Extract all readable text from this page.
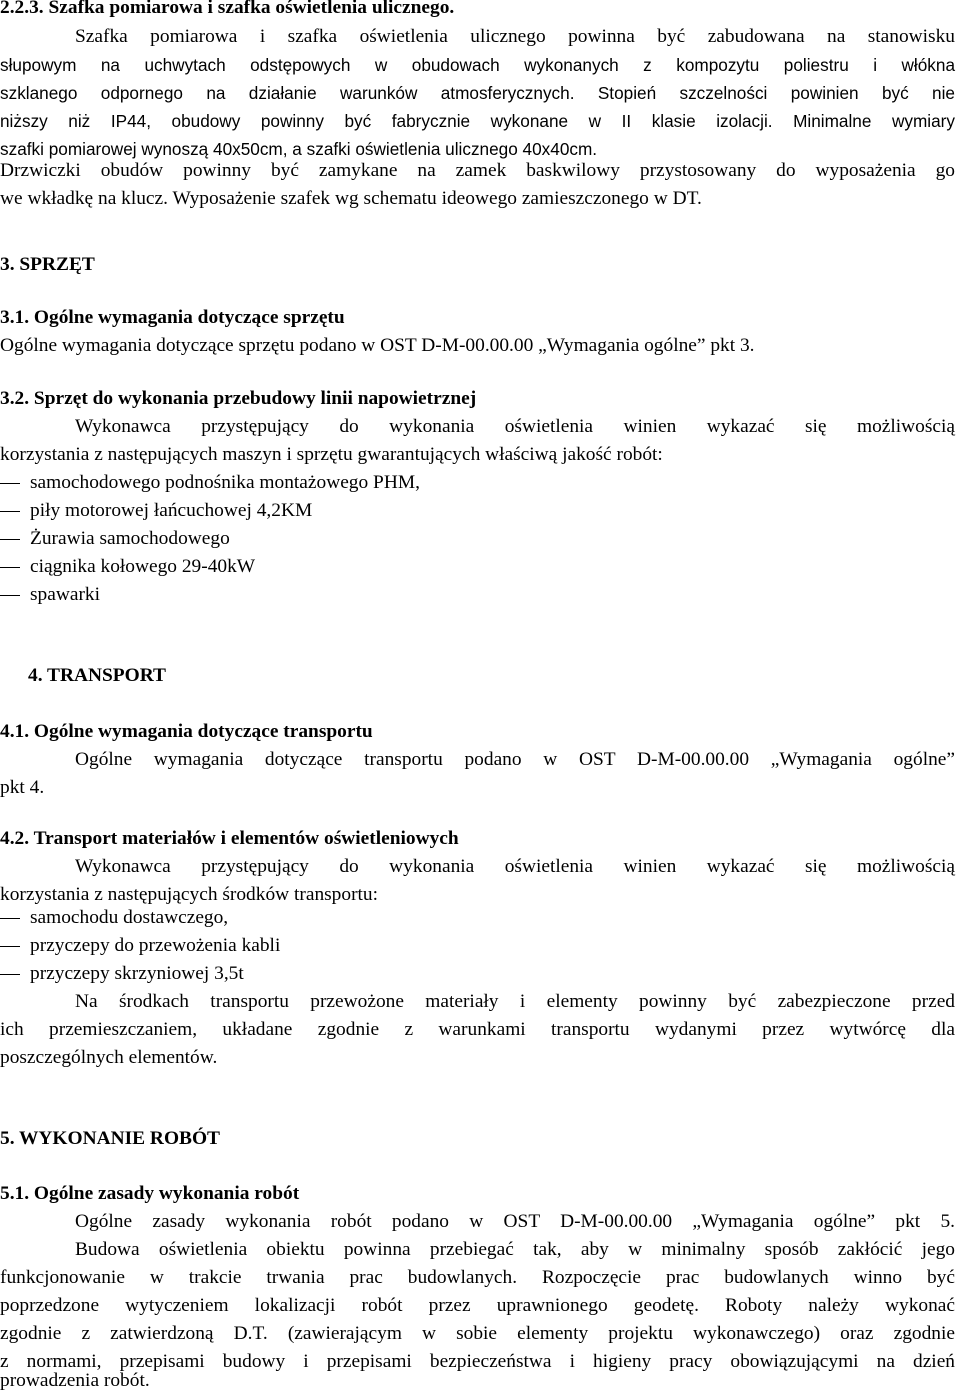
2.2.3. Szafka pomiarowa i szafka oświetlenia ulicznego.
Szafka pomiarowa i szafka oświetlenia ulicznego powinna być zabudowana na stanowisku
słupowym na uchwytach odstępowych w obudowach wykonanych z kompozytu poliestru i włókna
szklanego odpornego na działanie warunków atmosferycznych. Stopień szczelności powinien być nie
niższy niż IP44, obudowy powinny być fabrycznie wykonane w II klasie izolacji. Minimalne wymiary
szafki pomiarowej wynoszą 40x50cm, a szafki oświetlenia ulicznego 40x40cm.
Drzwiczki obudów powinny być zamykane na zamek baskwilowy przystosowany do wyposażenia go
we wkładkę na klucz. Wyposażenie szafek wg schematu ideowego zamieszczonego w DT.
3. SPRZĘT
3.1. Ogólne wymagania dotyczące sprzętu
Ogólne wymagania dotyczące sprzętu podano w OST D-M-00.00.00 „Wymagania ogólne” pkt 3.
3.2. Sprzęt do wykonania przebudowy linii napowietrznej
Wykonawca przystępujący do wykonania oświetlenia winien wykazać się możliwością
korzystania z następujących maszyn i sprzętu gwarantujących właściwą jakość robót:
samochodowego podnośnika montażowego PHM,
piły motorowej łańcuchowej 4,2KM
Żurawia samochodowego
ciągnika kołowego 29-40kW
spawarki
4. TRANSPORT
4.1. Ogólne wymagania dotyczące transportu
Ogólne wymagania dotyczące transportu podano w OST D-M-00.00.00 „Wymagania ogólne”
pkt 4.
4.2. Transport materiałów i elementów oświetleniowych
Wykonawca przystępujący do wykonania oświetlenia winien wykazać się możliwością
korzystania z następujących środków transportu:
samochodu dostawczego,
przyczepy do przewożenia kabli
przyczepy skrzyniowej 3,5t
Na środkach transportu przewożone materiały i elementy powinny być zabezpieczone przed
ich przemieszczaniem, układane zgodnie z warunkami transportu wydanymi przez wytwórcę dla
poszczególnych elementów.
5. WYKONANIE ROBÓT
5.1. Ogólne zasady wykonania robót
Ogólne zasady wykonania robót podano w OST D-M-00.00.00 „Wymagania ogólne” pkt 5.
Budowa oświetlenia obiektu powinna przebiegać tak, aby w minimalny sposób zakłócić jego
funkcjonowanie w trakcie trwania prac budowlanych. Rozpoczęcie prac budowlanych winno być
poprzedzone wytyczeniem lokalizacji robót przez uprawnionego geodetę. Roboty należy wykonać
zgodnie z zatwierdzoną D.T. (zawierającym w sobie elementy projektu wykonawczego) oraz zgodnie
z normami, przepisami budowy i przepisami bezpieczeństwa i higieny pracy obowiązującymi na dzień
prowadzenia robót.
